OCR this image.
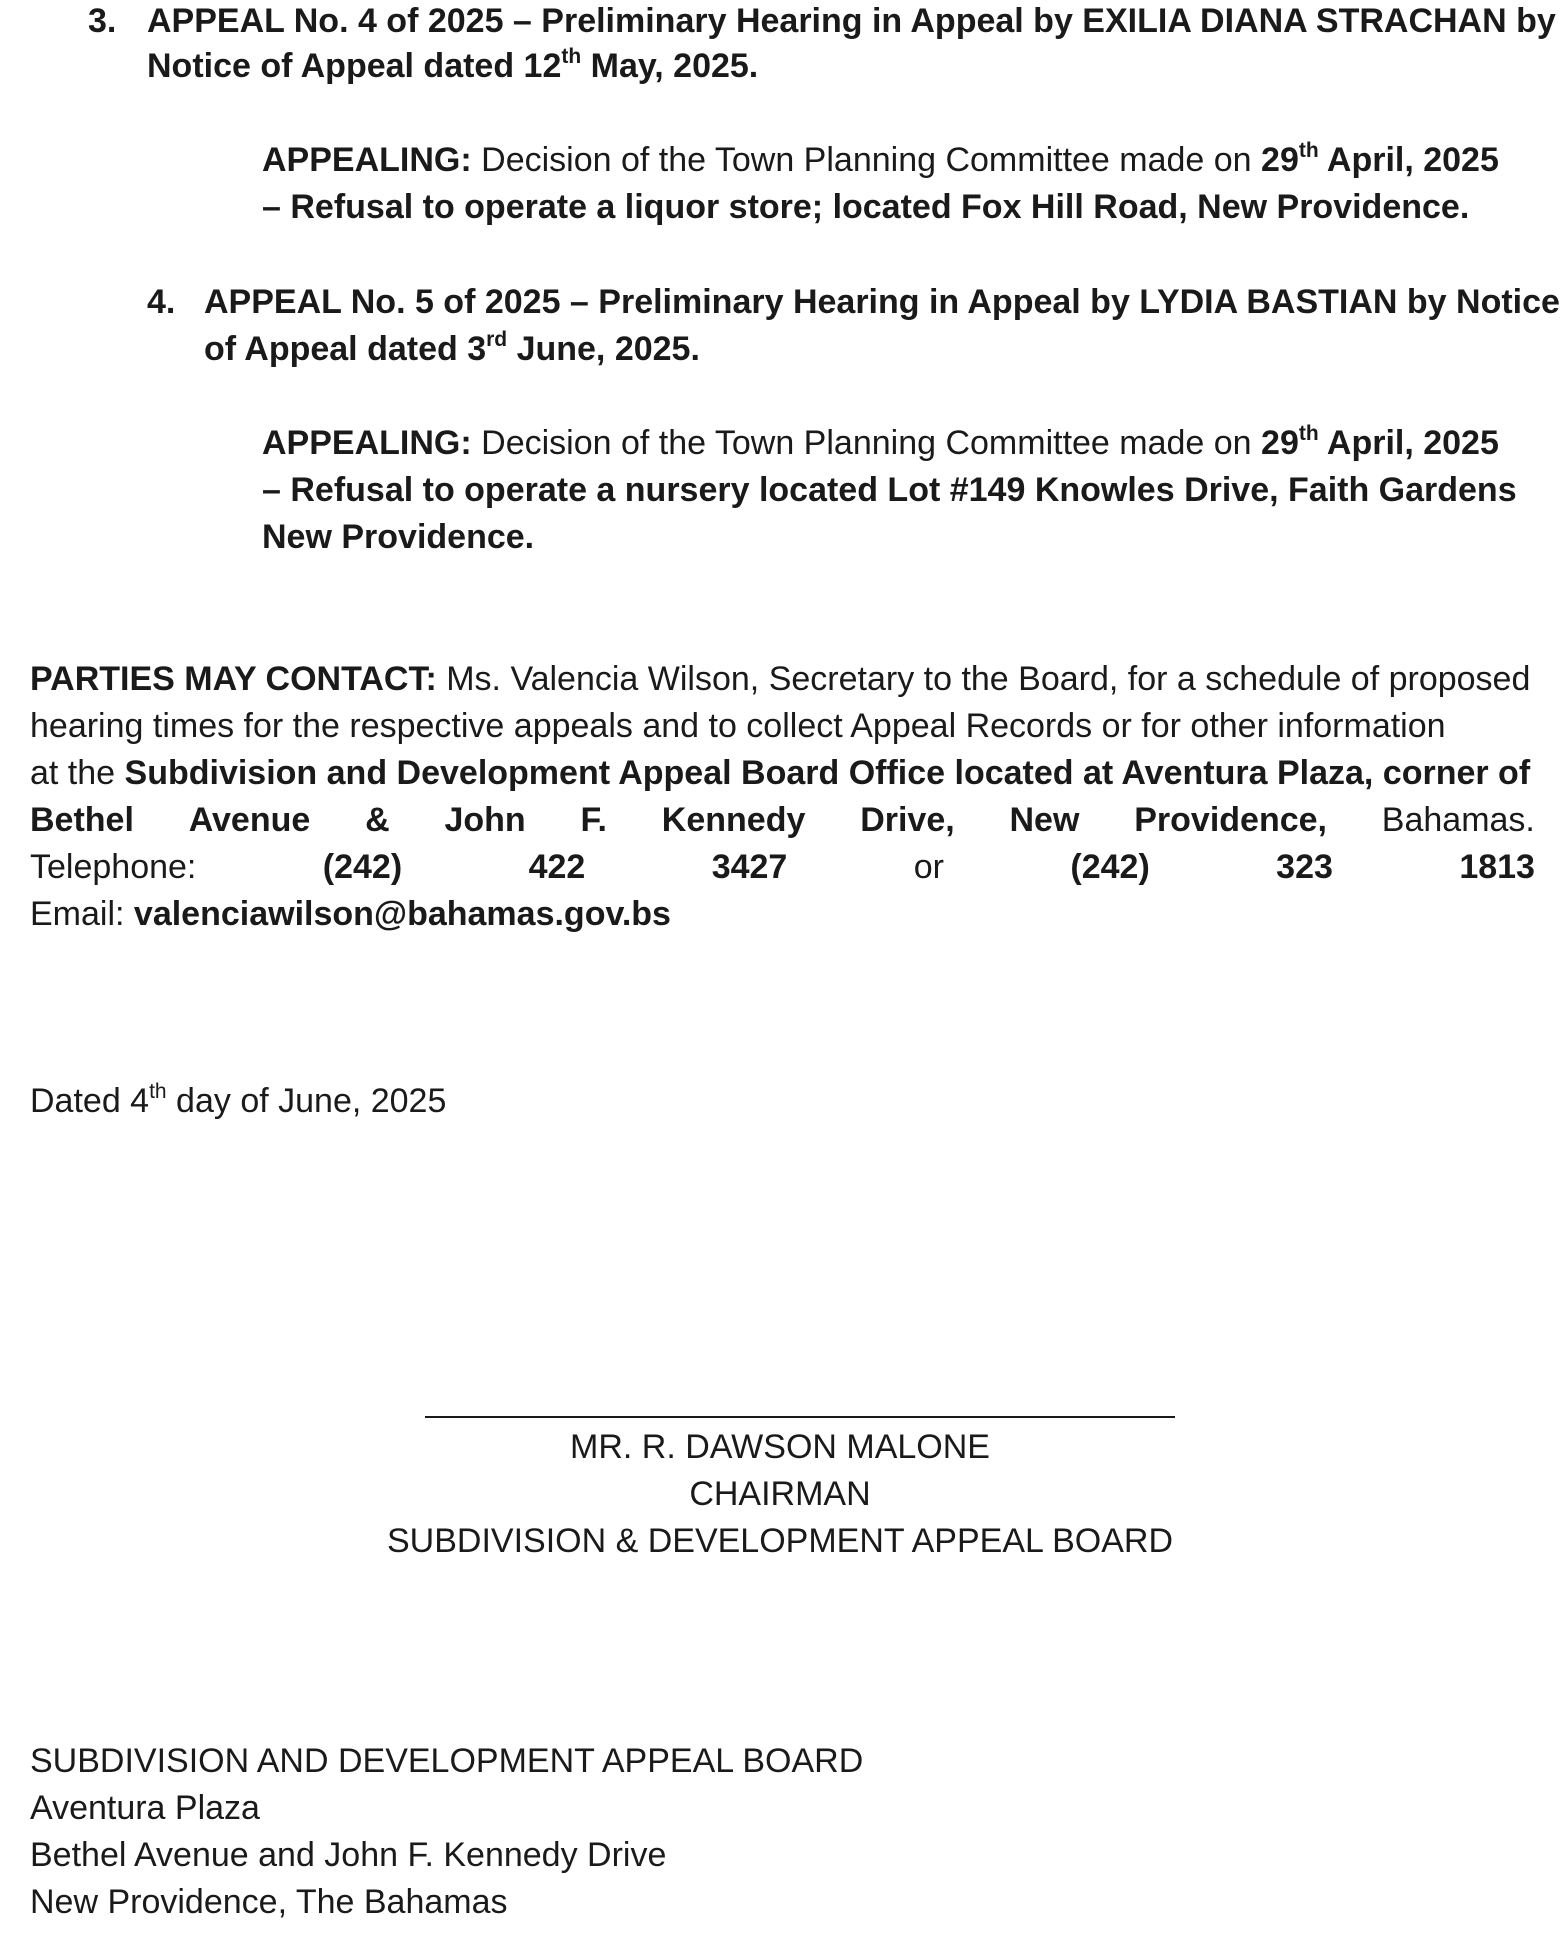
3. APPEAL No. 4 of 2025 – Preliminary Hearing in Appeal by EXILIA DIANA STRACHAN by
Notice of Appeal dated 12th May, 2025.
APPEALING: Decision of the Town Planning Committee made on 29th April, 2025
– Refusal to operate a liquor store; located Fox Hill Road, New Providence.
4. APPEAL No. 5 of 2025 – Preliminary Hearing in Appeal by LYDIA BASTIAN by Notice
of Appeal dated 3rd June, 2025.
APPEALING: Decision of the Town Planning Committee made on 29th April, 2025
– Refusal to operate a nursery located Lot #149 Knowles Drive, Faith Gardens
New Providence.
PARTIES MAY CONTACT: Ms. Valencia Wilson, Secretary to the Board, for a schedule of proposed
hearing times for the respective appeals and to collect Appeal Records or for other information
at the Subdivision and Development Appeal Board Office located at Aventura Plaza, corner of
Bethel Avenue & John F. Kennedy Drive, New Providence, Bahamas.
Telephone:	(242)	422	3427	or	(242)	323	1813
Email: valenciawilson@bahamas.gov.bs
Dated 4th day of June, 2025
MR. R. DAWSON MALONE
CHAIRMAN
SUBDIVISION & DEVELOPMENT APPEAL BOARD
SUBDIVISION AND DEVELOPMENT APPEAL BOARD
Aventura Plaza
Bethel Avenue and John F. Kennedy Drive
New Providence, The Bahamas
